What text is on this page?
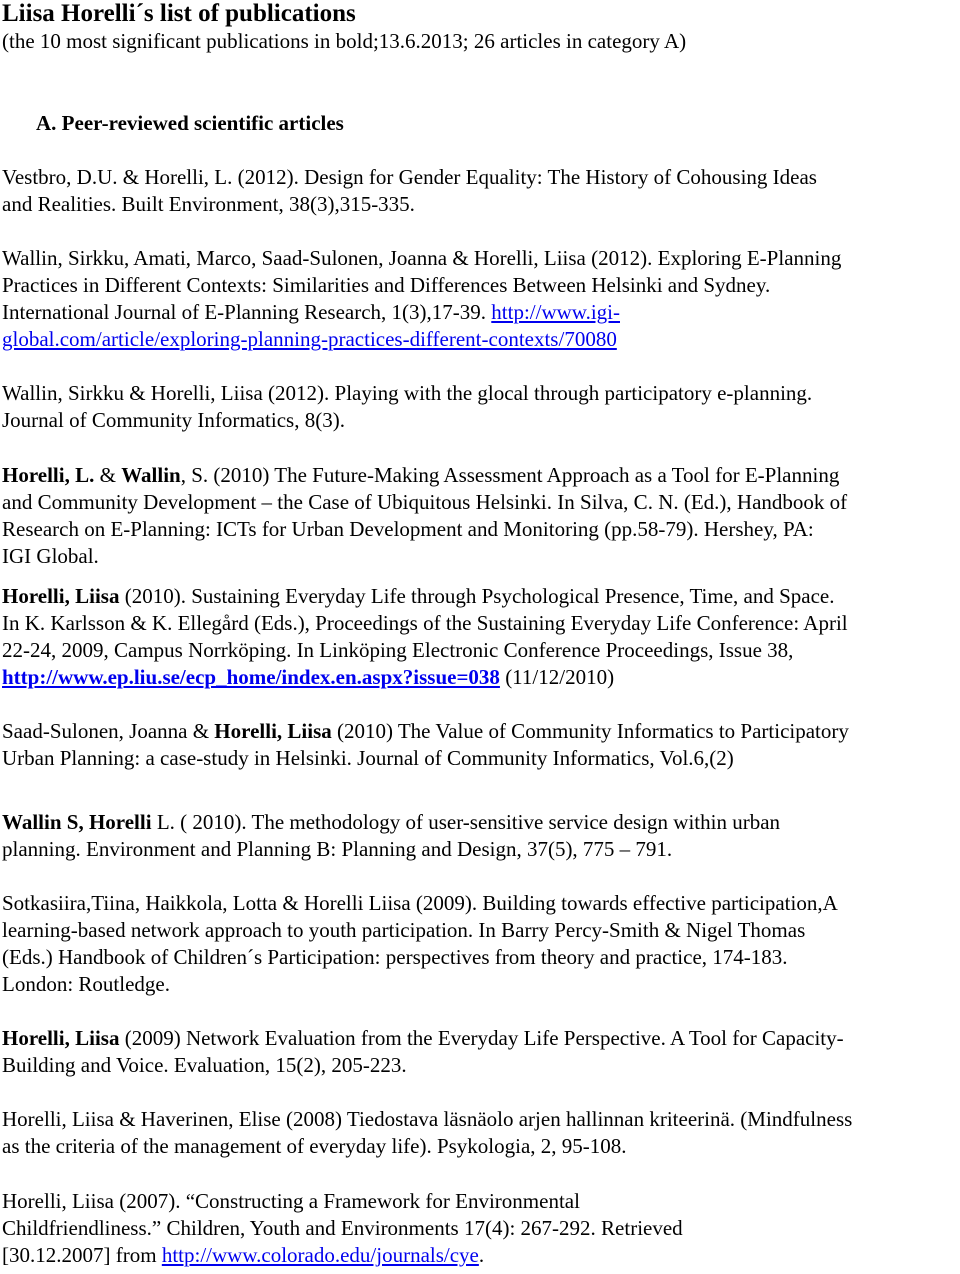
Liisa Horelli´s list of publications
(the 10 most significant publications in bold;13.6.2013; 26 articles in category A)
A. Peer-reviewed scientific articles
Vestbro, D.U. & Horelli, L. (2012). Design for Gender Equality: The History of Cohousing Ideas
and Realities. Built Environment, 38(3),315-335.
Wallin, Sirkku, Amati, Marco, Saad-Sulonen, Joanna & Horelli, Liisa (2012). Exploring E-Planning
Practices in Different Contexts: Similarities and Differences Between Helsinki and Sydney.
International Journal of E-Planning Research, 1(3),17-39. http://www.igi-
global.com/article/exploring-planning-practices-different-contexts/70080
Wallin, Sirkku & Horelli, Liisa (2012). Playing with the glocal through participatory e-planning.
Journal of Community Informatics, 8(3).
Horelli, L. & Wallin, S. (2010) The Future-Making Assessment Approach as a Tool for E-Planning
and Community Development – the Case of Ubiquitous Helsinki. In Silva, C. N. (Ed.), Handbook of
Research on E-Planning: ICTs for Urban Development and Monitoring (pp.58-79). Hershey, PA:
IGI Global.
Horelli, Liisa (2010). Sustaining Everyday Life through Psychological Presence, Time, and Space.
In K. Karlsson & K. Ellegård (Eds.), Proceedings of the Sustaining Everyday Life Conference: April
22-24, 2009, Campus Norrköping. In Linköping Electronic Conference Proceedings, Issue 38,
http://www.ep.liu.se/ecp_home/index.en.aspx?issue=038 (11/12/2010)
Saad-Sulonen, Joanna & Horelli, Liisa (2010) The Value of Community Informatics to Participatory
Urban Planning: a case-study in Helsinki. Journal of Community Informatics, Vol.6,(2)
Wallin S, Horelli L. ( 2010). The methodology of user-sensitive service design within urban
planning. Environment and Planning B: Planning and Design, 37(5), 775 – 791.
Sotkasiira,Tiina, Haikkola, Lotta & Horelli Liisa (2009). Building towards effective participation,A
learning-based network approach to youth participation. In Barry Percy-Smith & Nigel Thomas
(Eds.) Handbook of Children´s Participation: perspectives from theory and practice, 174-183.
London: Routledge.
Horelli, Liisa (2009) Network Evaluation from the Everyday Life Perspective. A Tool for Capacity-
Building and Voice. Evaluation, 15(2), 205-223.
Horelli, Liisa & Haverinen, Elise (2008) Tiedostava läsnäolo arjen hallinnan kriteerinä. (Mindfulness
as the criteria of the management of everyday life). Psykologia, 2, 95-108.
Horelli, Liisa (2007). “Constructing a Framework for Environmental
Childfriendliness.” Children, Youth and Environments 17(4): 267-292. Retrieved
[30.12.2007] from http://www.colorado.edu/journals/cye.
